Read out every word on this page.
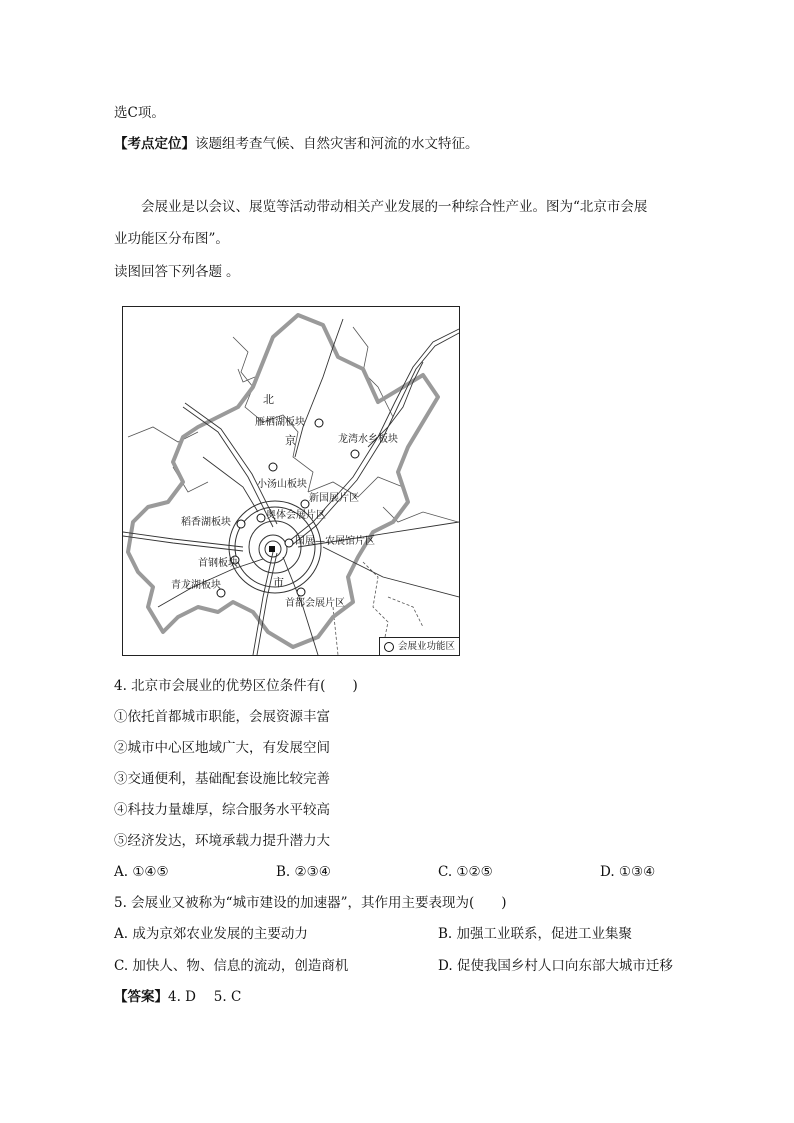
选C项。
【考点定位】该题组考查气候、自然灾害和河流的水文特征。
会展业是以会议、展览等活动带动相关产业发展的一种综合性产业。图为“北京市会展
业功能区分布图”。
读图回答下列各题 。
北
京
市
雁栖湖板块
龙湾水乡板块
小汤山板块
新国展片区
奥体会展片区
稻香湖板块
国展—农展馆片区
首钢板块
青龙湖板块
首都会展片区
会展业功能区
4. 北京市会展业的优势区位条件有(　　)
①依托首都城市职能，会展资源丰富
②城市中心区地域广大，有发展空间
③交通便利，基础配套设施比较完善
④科技力量雄厚，综合服务水平较高
⑤经济发达，环境承载力提升潜力大
A. ①④⑤	B. ②③④	C. ①②⑤	D. ①③④
5. 会展业又被称为“城市建设的加速器”，其作用主要表现为(　　)
A. 成为京郊农业发展的主要动力	B. 加强工业联系，促进工业集聚
C. 加快人、物、信息的流动，创造商机	D. 促使我国乡村人口向东部大城市迁移
【答案】4. D　 5. C
